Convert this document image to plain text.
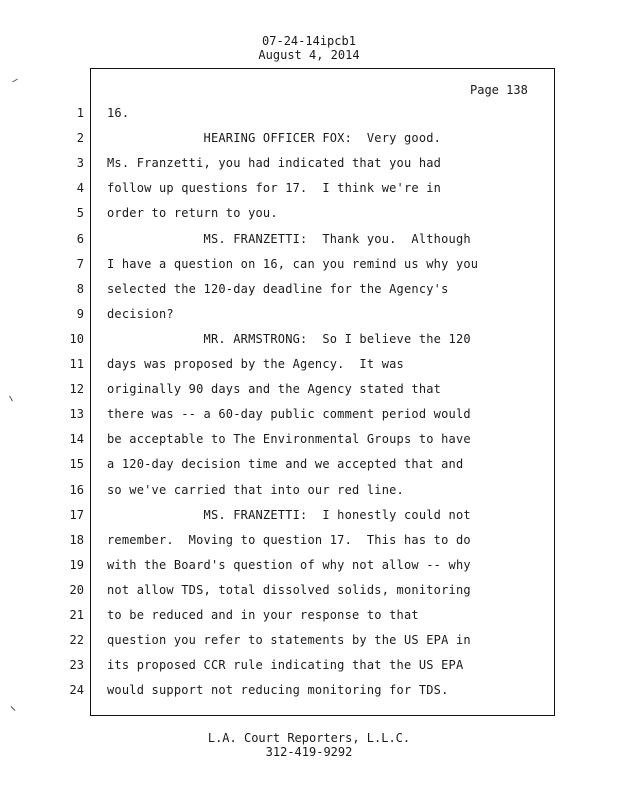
07-24-14ipcb1
August 4, 2014
Page 138
1 16.
2 HEARING OFFICER FOX:  Very good.
3 Ms. Franzetti, you had indicated that you had
4 follow up questions for 17.  I think we're in
5 order to return to you.
6 MS. FRANZETTI:  Thank you.  Although
7 I have a question on 16, can you remind us why you
8 selected the 120-day deadline for the Agency's
9 decision?
10 MR. ARMSTRONG:  So I believe the 120
11 days was proposed by the Agency.  It was
12 originally 90 days and the Agency stated that
13 there was -- a 60-day public comment period would
14 be acceptable to The Environmental Groups to have
15 a 120-day decision time and we accepted that and
16 so we've carried that into our red line.
17 MS. FRANZETTI:  I honestly could not
18 remember.  Moving to question 17.  This has to do
19 with the Board's question of why not allow -- why
20 not allow TDS, total dissolved solids, monitoring
21 to be reduced and in your response to that
22 question you refer to statements by the US EPA in
23 its proposed CCR rule indicating that the US EPA
24 would support not reducing monitoring for TDS.
L.A. Court Reporters, L.L.C.
312-419-9292
